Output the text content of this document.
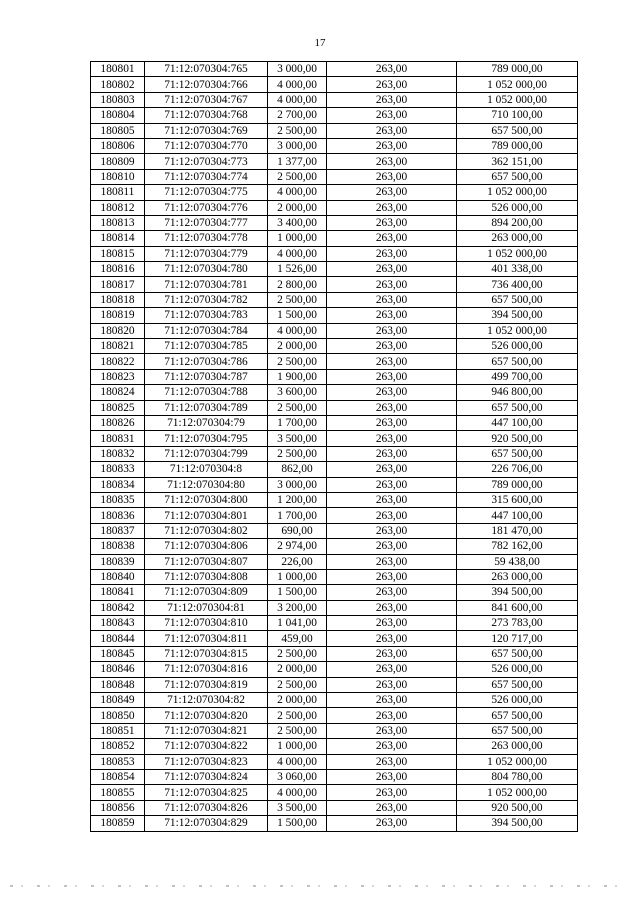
17
180801	71:12:070304:765	3 000,00	263,00	789 000,00
180802	71:12:070304:766	4 000,00	263,00	1 052 000,00
180803	71:12:070304:767	4 000,00	263,00	1 052 000,00
180804	71:12:070304:768	2 700,00	263,00	710 100,00
180805	71:12:070304:769	2 500,00	263,00	657 500,00
180806	71:12:070304:770	3 000,00	263,00	789 000,00
180809	71:12:070304:773	1 377,00	263,00	362 151,00
180810	71:12:070304:774	2 500,00	263,00	657 500,00
180811	71:12:070304:775	4 000,00	263,00	1 052 000,00
180812	71:12:070304:776	2 000,00	263,00	526 000,00
180813	71:12:070304:777	3 400,00	263,00	894 200,00
180814	71:12:070304:778	1 000,00	263,00	263 000,00
180815	71:12:070304:779	4 000,00	263,00	1 052 000,00
180816	71:12:070304:780	1 526,00	263,00	401 338,00
180817	71:12:070304:781	2 800,00	263,00	736 400,00
180818	71:12:070304:782	2 500,00	263,00	657 500,00
180819	71:12:070304:783	1 500,00	263,00	394 500,00
180820	71:12:070304:784	4 000,00	263,00	1 052 000,00
180821	71:12:070304:785	2 000,00	263,00	526 000,00
180822	71:12:070304:786	2 500,00	263,00	657 500,00
180823	71:12:070304:787	1 900,00	263,00	499 700,00
180824	71:12:070304:788	3 600,00	263,00	946 800,00
180825	71:12:070304:789	2 500,00	263,00	657 500,00
180826	71:12:070304:79	1 700,00	263,00	447 100,00
180831	71:12:070304:795	3 500,00	263,00	920 500,00
180832	71:12:070304:799	2 500,00	263,00	657 500,00
180833	71:12:070304:8	862,00	263,00	226 706,00
180834	71:12:070304:80	3 000,00	263,00	789 000,00
180835	71:12:070304:800	1 200,00	263,00	315 600,00
180836	71:12:070304:801	1 700,00	263,00	447 100,00
180837	71:12:070304:802	690,00	263,00	181 470,00
180838	71:12:070304:806	2 974,00	263,00	782 162,00
180839	71:12:070304:807	226,00	263,00	59 438,00
180840	71:12:070304:808	1 000,00	263,00	263 000,00
180841	71:12:070304:809	1 500,00	263,00	394 500,00
180842	71:12:070304:81	3 200,00	263,00	841 600,00
180843	71:12:070304:810	1 041,00	263,00	273 783,00
180844	71:12:070304:811	459,00	263,00	120 717,00
180845	71:12:070304:815	2 500,00	263,00	657 500,00
180846	71:12:070304:816	2 000,00	263,00	526 000,00
180848	71:12:070304:819	2 500,00	263,00	657 500,00
180849	71:12:070304:82	2 000,00	263,00	526 000,00
180850	71:12:070304:820	2 500,00	263,00	657 500,00
180851	71:12:070304:821	2 500,00	263,00	657 500,00
180852	71:12:070304:822	1 000,00	263,00	263 000,00
180853	71:12:070304:823	4 000,00	263,00	1 052 000,00
180854	71:12:070304:824	3 060,00	263,00	804 780,00
180855	71:12:070304:825	4 000,00	263,00	1 052 000,00
180856	71:12:070304:826	3 500,00	263,00	920 500,00
180859	71:12:070304:829	1 500,00	263,00	394 500,00
